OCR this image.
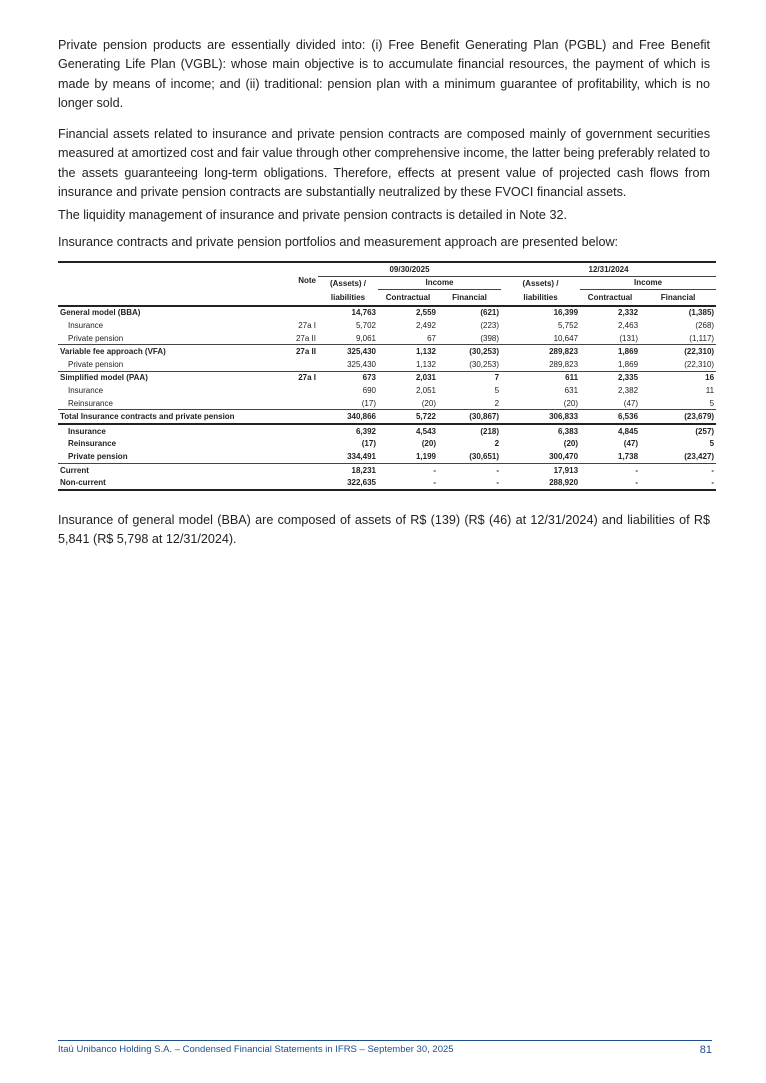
Private pension products are essentially divided into: (i) Free Benefit Generating Plan (PGBL) and Free Benefit Generating Life Plan (VGBL): whose main objective is to accumulate financial resources, the payment of which is made by means of income; and (ii) traditional: pension plan with a minimum guarantee of profitability, which is no longer sold.

Financial assets related to insurance and private pension contracts are composed mainly of government securities measured at amortized cost and fair value through other comprehensive income, the latter being preferably related to the assets guaranteeing long-term obligations. Therefore, effects at present value of projected cash flows from insurance and private pension contracts are substantially neutralized by these FVOCI financial assets.

The liquidity management of insurance and private pension contracts is detailed in Note 32.

Insurance contracts and private pension portfolios and measurement approach are presented below:

		09/30/2025			12/31/2024		
	Note	(Assets) /	Income		(Assets) /	Income	
		liabilities	Contractual	Financial	liabilities	Contractual	Financial
General model (BBA)		14,763	2,559	(621)	16,399	2,332	(1,385)
Insurance	27a I	5,702	2,492	(223)	5,752	2,463	(268)
Private pension	27a II	9,061	67	(398)	10,647	(131)	(1,117)
Variable fee approach (VFA)	27a II	325,430	1,132	(30,253)	289,823	1,869	(22,310)
Private pension		325,430	1,132	(30,253)	289,823	1,869	(22,310)
Simplified model (PAA)	27a I	673	2,031	7	611	2,335	16
Insurance		690	2,051	5	631	2,382	11
Reinsurance		(17)	(20)	2	(20)	(47)	5
Total Insurance contracts and private pension		340,866	5,722	(30,867)	306,833	6,536	(23,679)
Insurance		6,392	4,543	(218)	6,383	4,845	(257)
Reinsurance		(17)	(20)	2	(20)	(47)	5
Private pension		334,491	1,199	(30,651)	300,470	1,738	(23,427)
Current		18,231	-	-	17,913	-	-
Non-current		322,635	-	-	288,920	-	-

Insurance of general model (BBA) are composed of assets of R$ (139) (R$ (46) at 12/31/2024) and liabilities of R$ 5,841 (R$ 5,798 at 12/31/2024).

Itaú Unibanco Holding S.A. – Condensed Financial Statements in IFRS – September 30, 2025	81
